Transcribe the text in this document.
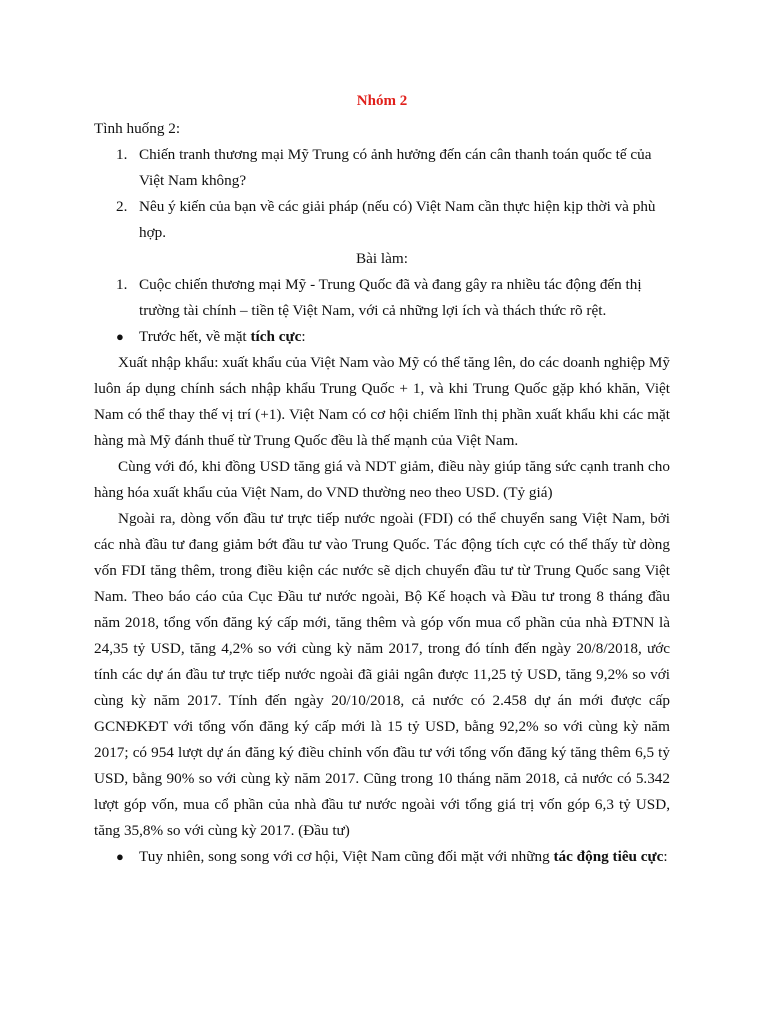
Nhóm 2

Tình huống 2:

1. Chiến tranh thương mại Mỹ Trung có ảnh hưởng đến cán cân thanh toán quốc tế của Việt Nam không?
2. Nêu ý kiến của bạn về các giải pháp (nếu có) Việt Nam cần thực hiện kịp thời và phù hợp.

Bài làm:

1. Cuộc chiến thương mại Mỹ - Trung Quốc đã và đang gây ra nhiều tác động đến thị trường tài chính – tiền tệ Việt Nam, với cả những lợi ích và thách thức rõ rệt.
● Trước hết, về mặt tích cực:

Xuất nhập khẩu: xuất khẩu của Việt Nam vào Mỹ có thể tăng lên, do các doanh nghiệp Mỹ luôn áp dụng chính sách nhập khẩu Trung Quốc + 1, và khi Trung Quốc gặp khó khăn, Việt Nam có thể thay thế vị trí (+1). Việt Nam có cơ hội chiếm lĩnh thị phần xuất khẩu khi các mặt hàng mà Mỹ đánh thuế từ Trung Quốc đều là thế mạnh của Việt Nam.

Cùng với đó, khi đồng USD tăng giá và NDT giảm, điều này giúp tăng sức cạnh tranh cho hàng hóa xuất khẩu của Việt Nam, do VND thường neo theo USD. (Tỷ giá)

Ngoài ra, dòng vốn đầu tư trực tiếp nước ngoài (FDI) có thể chuyển sang Việt Nam, bởi các nhà đầu tư đang giảm bớt đầu tư vào Trung Quốc. Tác động tích cực có thể thấy từ dòng vốn FDI tăng thêm, trong điều kiện các nước sẽ dịch chuyển đầu tư từ Trung Quốc sang Việt Nam. Theo báo cáo của Cục Đầu tư nước ngoài, Bộ Kế hoạch và Đầu tư trong 8 tháng đầu năm 2018, tổng vốn đăng ký cấp mới, tăng thêm và góp vốn mua cổ phần của nhà ĐTNN là 24,35 tỷ USD, tăng 4,2% so với cùng kỳ năm 2017, trong đó tính đến ngày 20/8/2018, ước tính các dự án đầu tư trực tiếp nước ngoài đã giải ngân được 11,25 tỷ USD, tăng 9,2% so với cùng kỳ năm 2017. Tính đến ngày 20/10/2018, cả nước có 2.458 dự án mới được cấp GCNĐKĐT với tổng vốn đăng ký cấp mới là 15 tỷ USD, bằng 92,2% so với cùng kỳ năm 2017; có 954 lượt dự án đăng ký điều chỉnh vốn đầu tư với tổng vốn đăng ký tăng thêm 6,5 tỷ USD, bằng 90% so với cùng kỳ năm 2017. Cũng trong 10 tháng năm 2018, cả nước có 5.342 lượt góp vốn, mua cổ phần của nhà đầu tư nước ngoài với tổng giá trị vốn góp 6,3 tỷ USD, tăng 35,8% so với cùng kỳ 2017. (Đầu tư)

● Tuy nhiên, song song với cơ hội, Việt Nam cũng đối mặt với những tác động tiêu cực:
